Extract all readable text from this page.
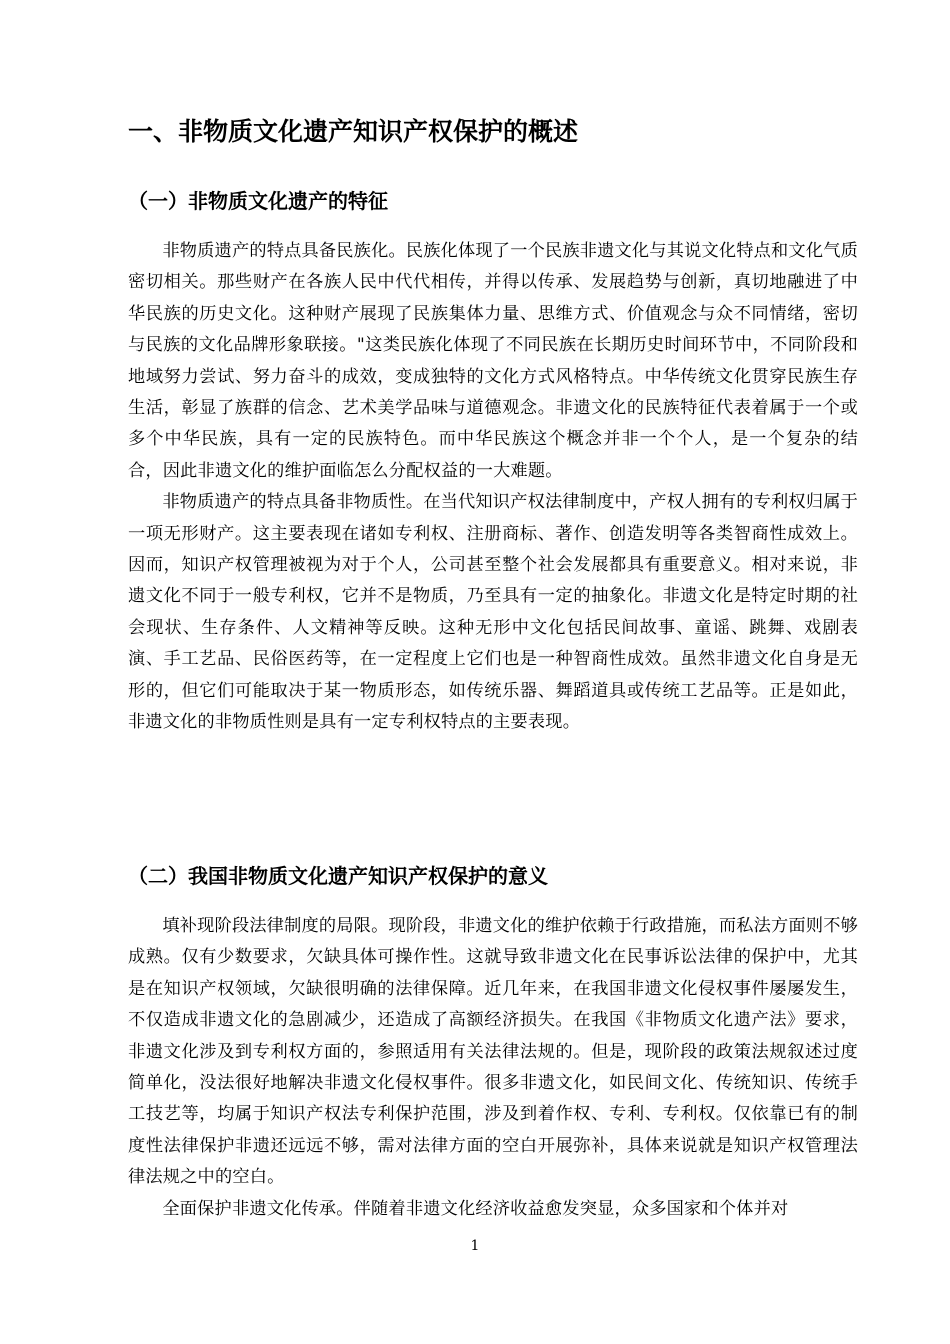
一、非物质文化遗产知识产权保护的概述
（一）非物质文化遗产的特征

非物质遗产的特点具备民族化。民族化体现了一个民族非遗文化与其说文化特点和文化气质密切相关。那些财产在各族人民中代代相传，并得以传承、发展趋势与创新，真切地融进了中华民族的历史文化。这种财产展现了民族集体力量、思维方式、价值观念与众不同情绪，密切与民族的文化品牌形象联接。"这类民族化体现了不同民族在长期历史时间环节中，不同阶段和地域努力尝试、努力奋斗的成效，变成独特的文化方式风格特点。中华传统文化贯穿民族生存生活，彰显了族群的信念、艺术美学品味与道德观念。非遗文化的民族特征代表着属于一个或多个中华民族，具有一定的民族特色。而中华民族这个概念并非一个个人，是一个复杂的结合，因此非遗文化的维护面临怎么分配权益的一大难题。

非物质遗产的特点具备非物质性。在当代知识产权法律制度中，产权人拥有的专利权归属于一项无形财产。这主要表现在诸如专利权、注册商标、著作、创造发明等各类智商性成效上。因而，知识产权管理被视为对于个人，公司甚至整个社会发展都具有重要意义。相对来说，非遗文化不同于一般专利权，它并不是物质，乃至具有一定的抽象化。非遗文化是特定时期的社会现状、生存条件、人文精神等反映。这种无形中文化包括民间故事、童谣、跳舞、戏剧表演、手工艺品、民俗医药等，在一定程度上它们也是一种智商性成效。虽然非遗文化自身是无形的，但它们可能取决于某一物质形态，如传统乐器、舞蹈道具或传统工艺品等。正是如此，非遗文化的非物质性则是具有一定专利权特点的主要表现。

（二）我国非物质文化遗产知识产权保护的意义

填补现阶段法律制度的局限。现阶段，非遗文化的维护依赖于行政措施，而私法方面则不够成熟。仅有少数要求，欠缺具体可操作性。这就导致非遗文化在民事诉讼法律的保护中，尤其是在知识产权领域，欠缺很明确的法律保障。近几年来，在我国非遗文化侵权事件屡屡发生，不仅造成非遗文化的急剧减少，还造成了高额经济损失。在我国《非物质文化遗产法》要求，非遗文化涉及到专利权方面的，参照适用有关法律法规的。但是，现阶段的政策法规叙述过度简单化，没法很好地解决非遗文化侵权事件。很多非遗文化，如民间文化、传统知识、传统手工技艺等，均属于知识产权法专利保护范围，涉及到着作权、专利、专利权。仅依靠已有的制度性法律保护非遗还远远不够，需对法律方面的空白开展弥补，具体来说就是知识产权管理法律法规之中的空白。

全面保护非遗文化传承。伴随着非遗文化经济收益愈发突显，众多国家和个体并对

1
